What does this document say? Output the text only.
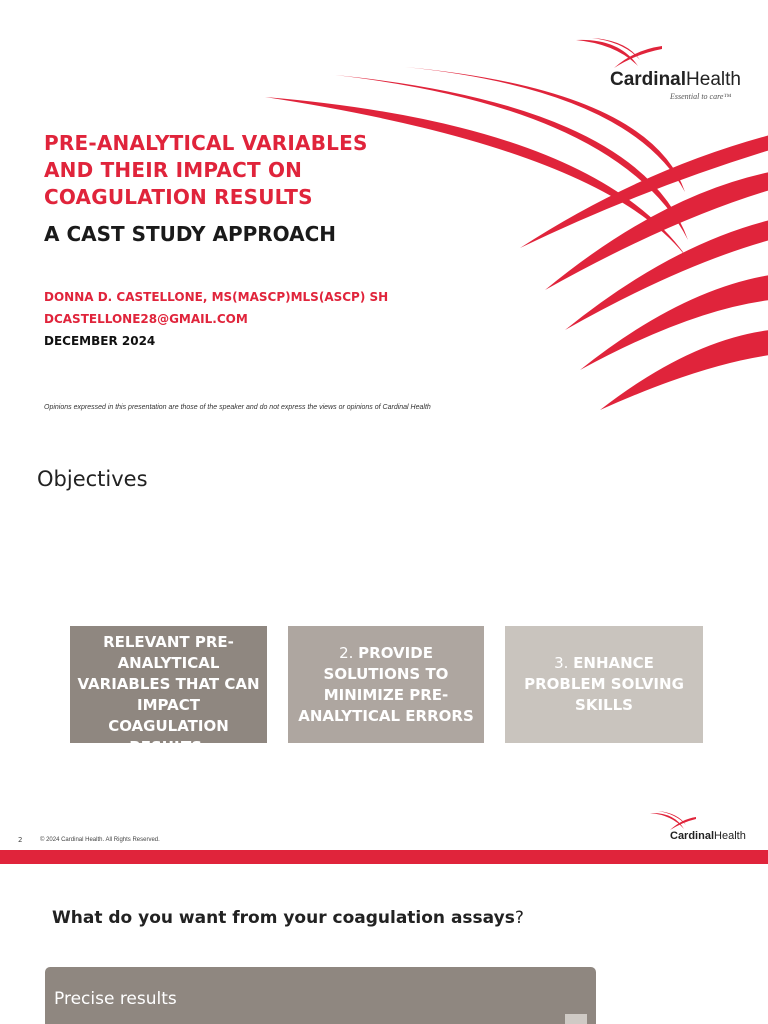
CardinalHealth
Essential to care™
PRE-ANALYTICAL VARIABLES
AND THEIR IMPACT ON
COAGULATION RESULTS
A CAST STUDY APPROACH
DONNA D. CASTELLONE, MS(MASCP)MLS(ASCP) SH
DCASTELLONE28@GMAIL.COM
DECEMBER 2024
Opinions expressed in this presentation are those of the speaker and do not express the views or opinions of Cardinal Health
Objectives
1. IDENTIFY RELEVANT PRE-ANALYTICAL VARIABLES THAT CAN IMPACT COAGULATION RESULTS.
2. PROVIDE SOLUTIONS TO MINIMIZE PRE-ANALYTICAL ERRORS
3. ENHANCE PROBLEM SOLVING SKILLS
2	© 2024 Cardinal Health. All Rights Reserved.	CardinalHealth
What do you want from your coagulation assays?
Precise results
